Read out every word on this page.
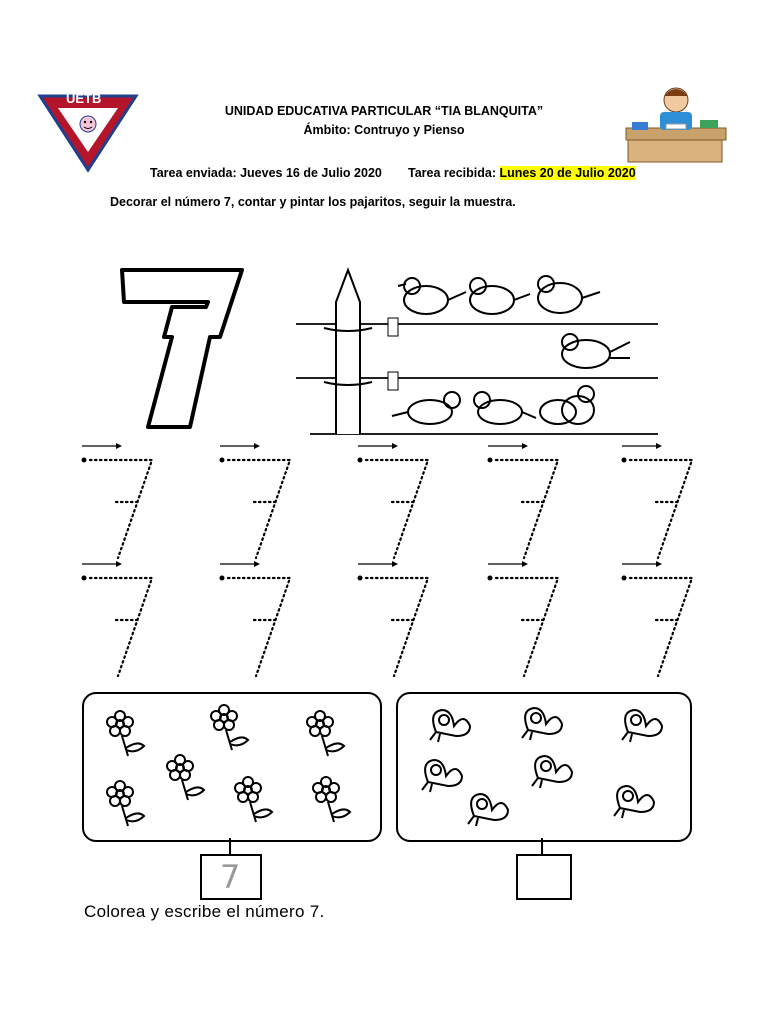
UETB
UNIDAD EDUCATIVA PARTICULAR “TIA BLANQUITA”
Ámbito: Contruyo y Pienso
Tarea enviada: Jueves 16 de Julio 2020 Tarea recibida: Lunes 20 de Julio 2020
Decorar el número 7, contar y pintar los pajaritos, seguir la muestra.
7
Colorea y escribe el número 7.
